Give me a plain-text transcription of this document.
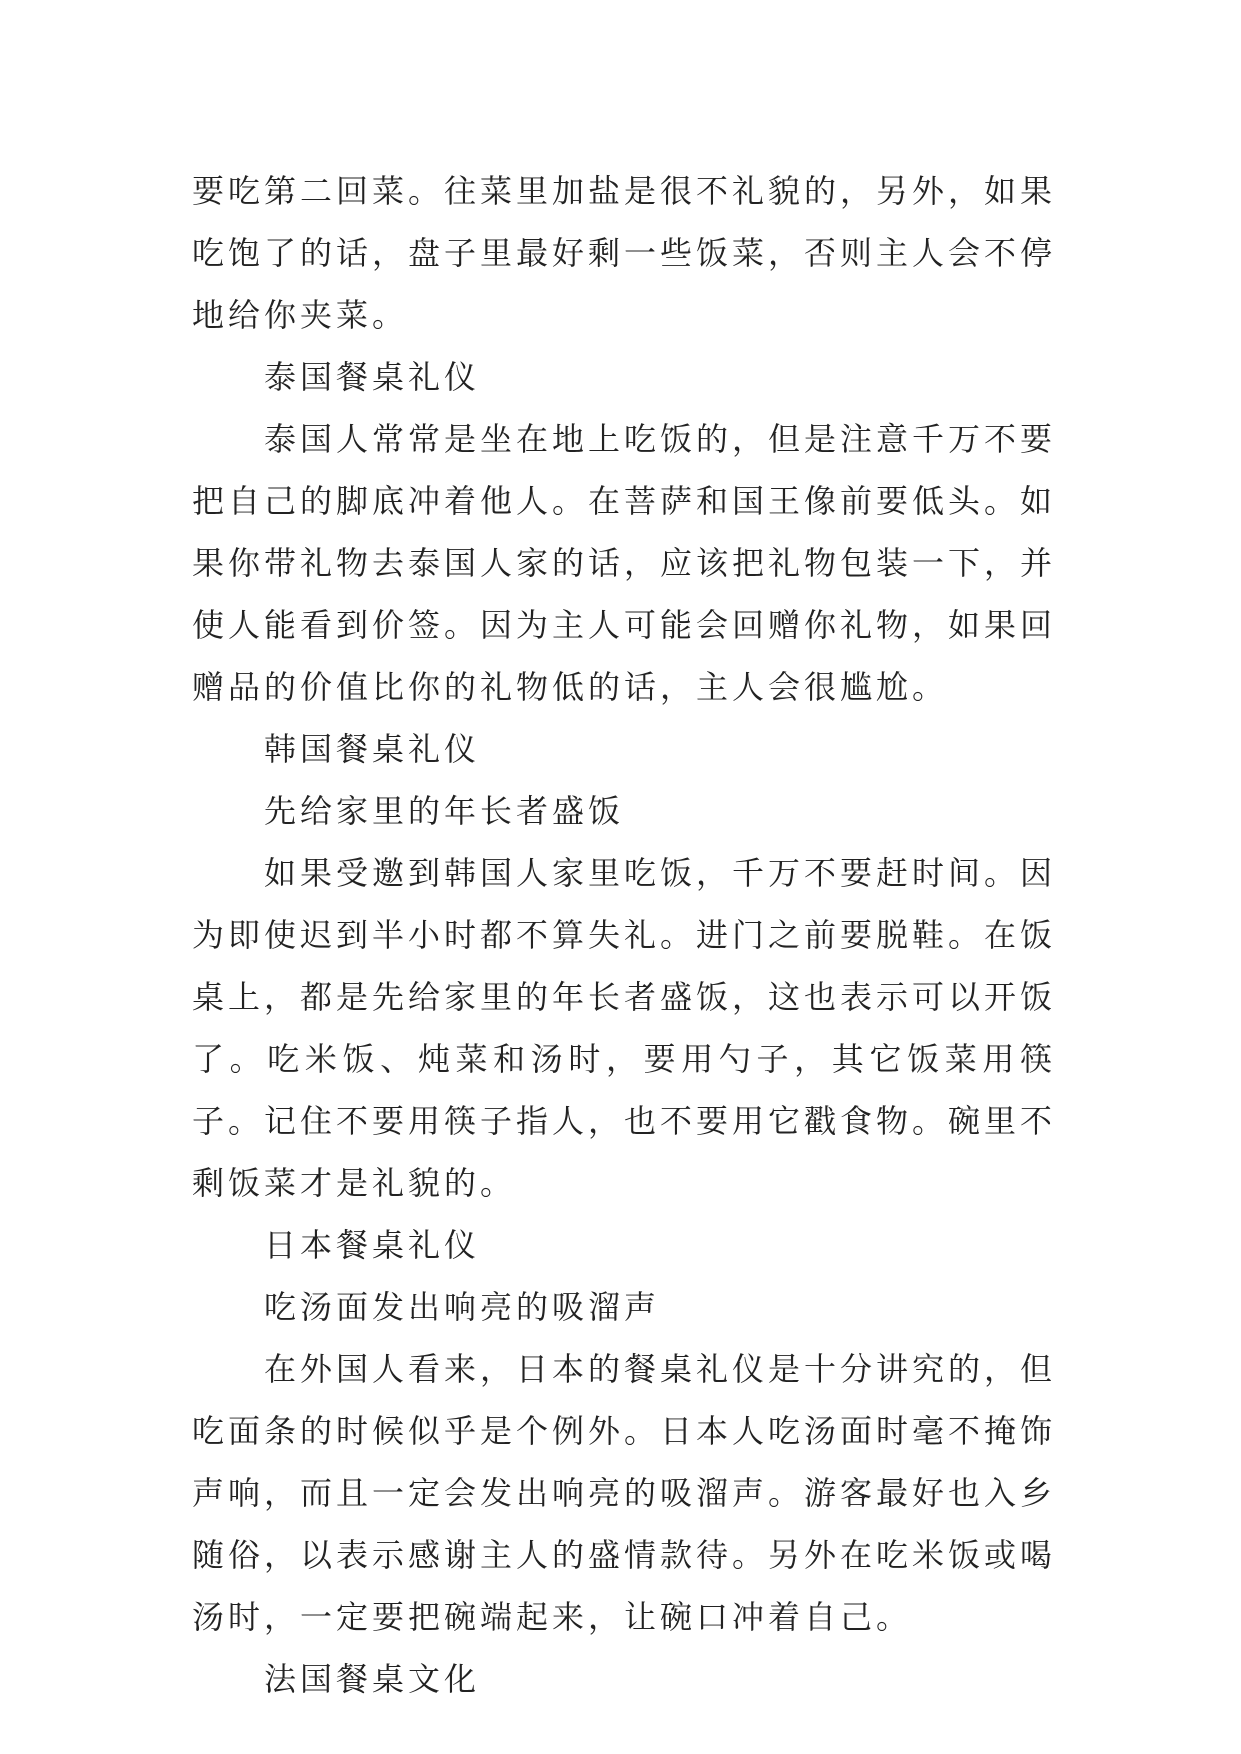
要吃第二回菜。往菜里加盐是很不礼貌的，另外，如果吃饱了的话，盘子里最好剩一些饭菜，否则主人会不停地给你夹菜。

泰国餐桌礼仪

泰国人常常是坐在地上吃饭的，但是注意千万不要把自己的脚底冲着他人。在菩萨和国王像前要低头。如果你带礼物去泰国人家的话，应该把礼物包装一下，并使人能看到价签。因为主人可能会回赠你礼物，如果回赠品的价值比你的礼物低的话，主人会很尴尬。

韩国餐桌礼仪

先给家里的年长者盛饭

如果受邀到韩国人家里吃饭，千万不要赶时间。因为即使迟到半小时都不算失礼。进门之前要脱鞋。在饭桌上，都是先给家里的年长者盛饭，这也表示可以开饭了。吃米饭、炖菜和汤时，要用勺子，其它饭菜用筷子。记住不要用筷子指人，也不要用它戳食物。碗里不剩饭菜才是礼貌的。

日本餐桌礼仪

吃汤面发出响亮的吸溜声

在外国人看来，日本的餐桌礼仪是十分讲究的，但吃面条的时候似乎是个例外。日本人吃汤面时毫不掩饰声响，而且一定会发出响亮的吸溜声。游客最好也入乡随俗，以表示感谢主人的盛情款待。另外在吃米饭或喝汤时，一定要把碗端起来，让碗口冲着自己。

法国餐桌文化
